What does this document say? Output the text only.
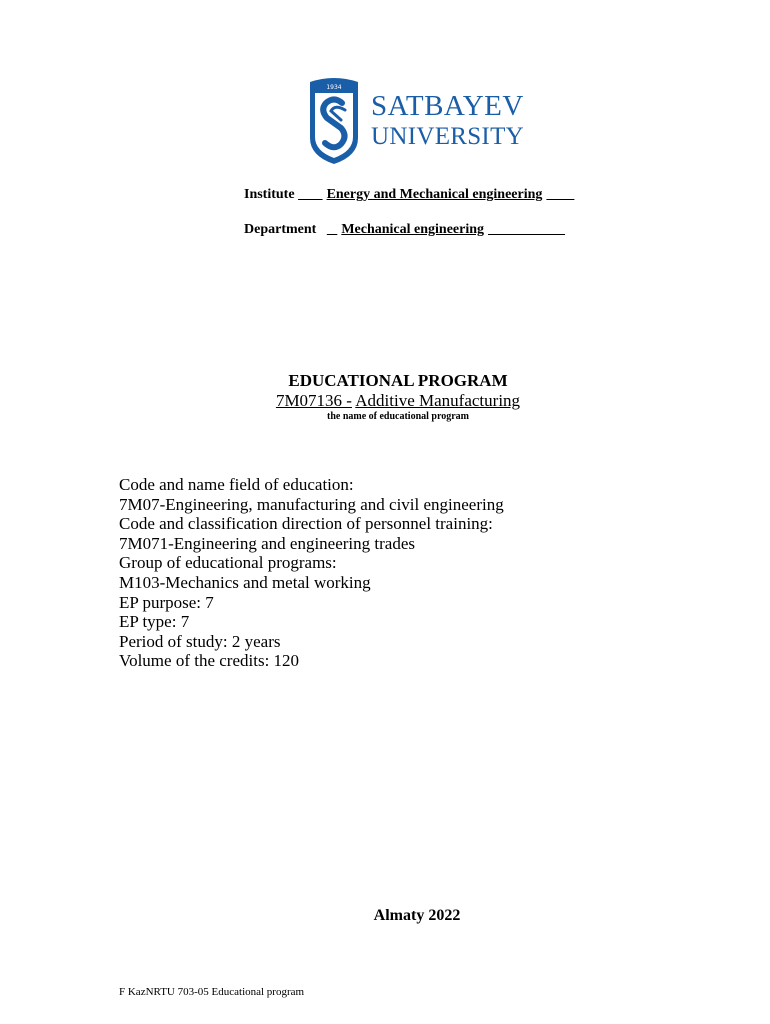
1934
SATBAYEV
UNIVERSITY
Institute Energy and Mechanical engineering
Department Mechanical engineering
EDUCATIONAL PROGRAM
7M07136 - Additive Manufacturing
the name of educational program
Code and name field of education:
7M07-Engineering, manufacturing and civil engineering
Code and classification direction of personnel training:
7M071-Engineering and engineering trades
Group of educational programs:
M103-Mechanics and metal working
EP purpose: 7
EP type: 7
Period of study: 2 years
Volume of the credits: 120
Almaty 2022
F KazNRTU 703-05 Educational program
